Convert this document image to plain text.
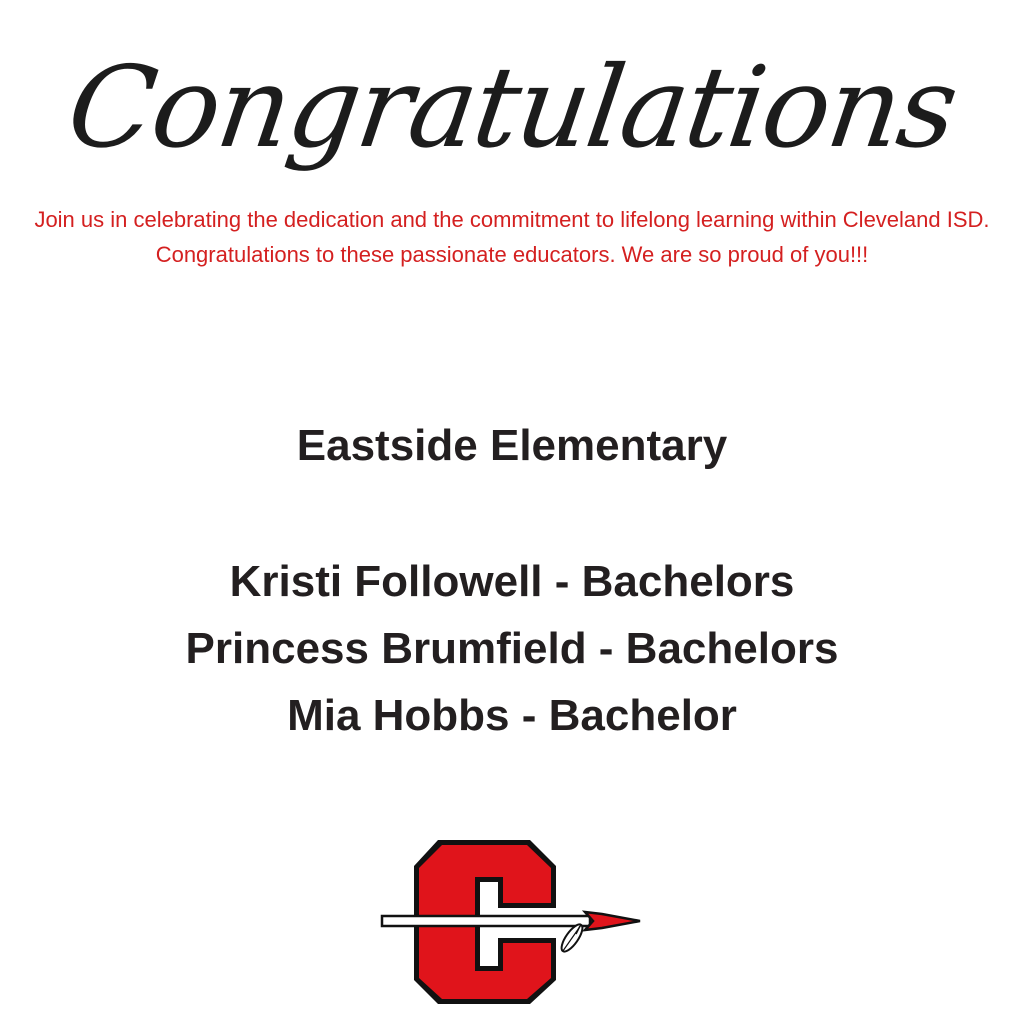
Congratulations

Join us in celebrating the dedication and the commitment to lifelong learning within Cleveland ISD. Congratulations to these passionate educators. We are so proud of you!!!

Eastside Elementary
Kristi Followell - Bachelors
Princess Brumfield - Bachelors
Mia Hobbs - Bachelor
